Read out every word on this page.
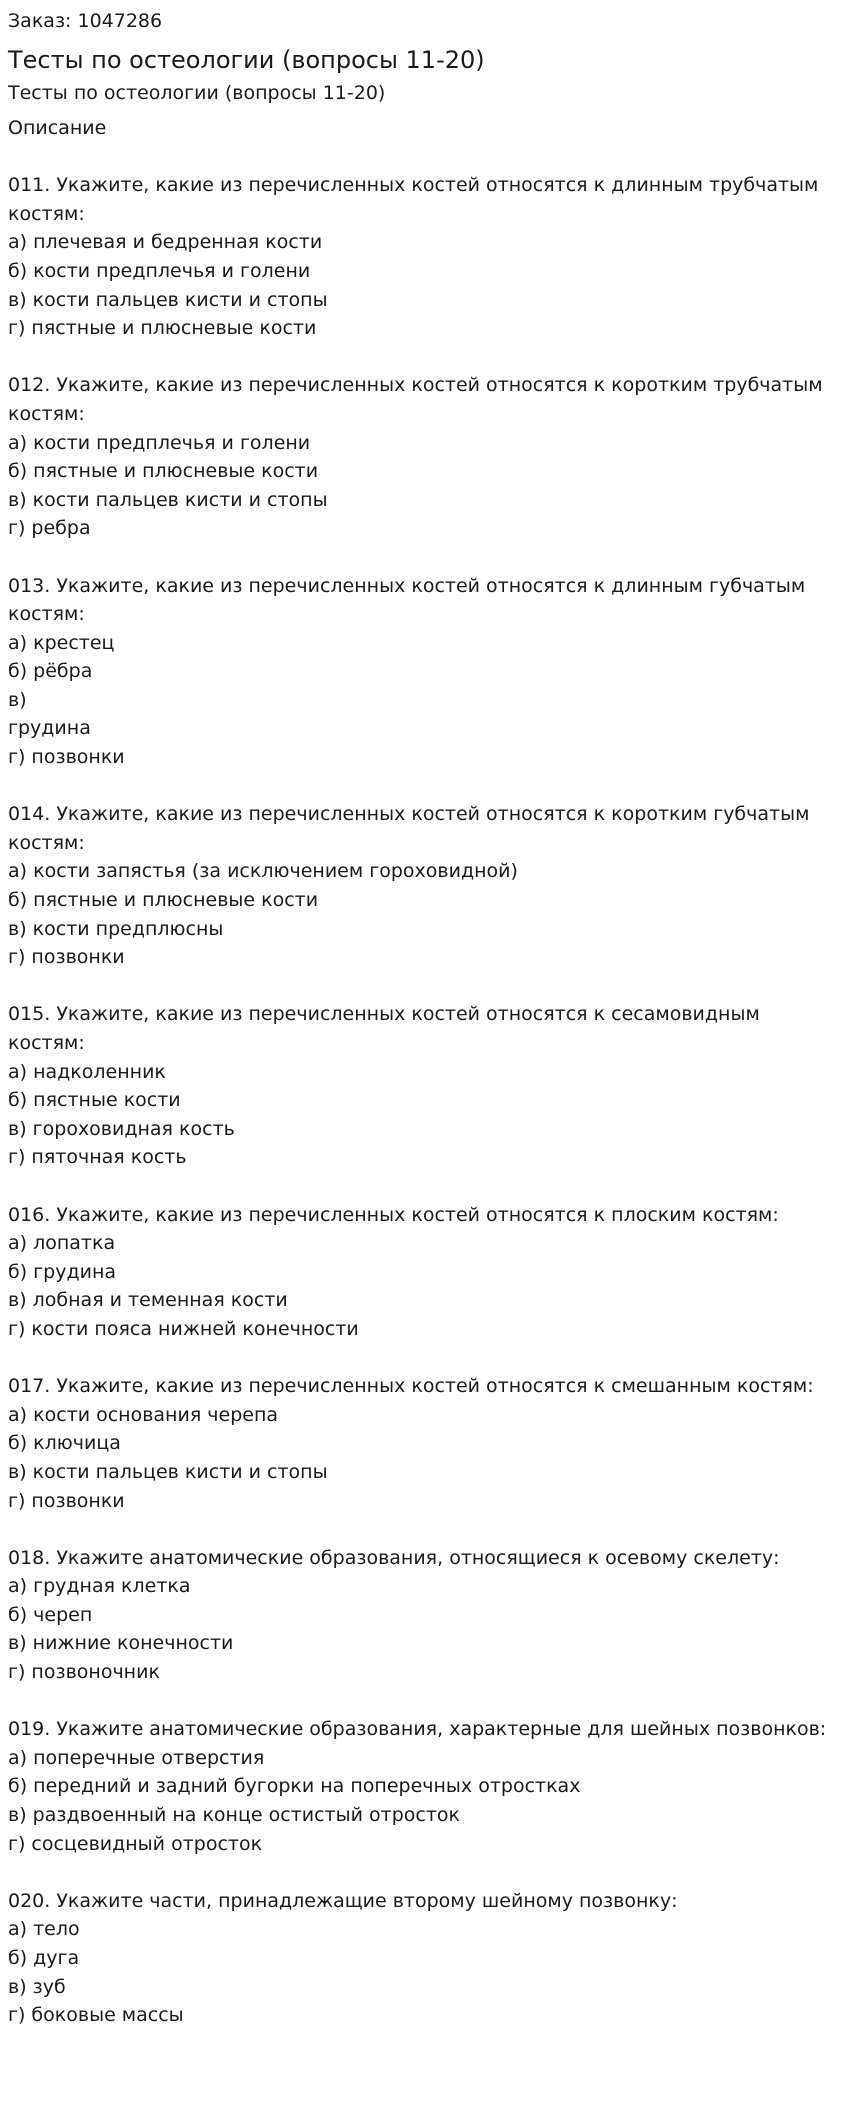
Заказ: 1047286
Тесты по остеологии (вопросы 11-20)
Тесты по остеологии (вопросы 11-20)
Описание
011. Укажите, какие из перечисленных костей относятся к длинным трубчатым костям:
а) плечевая и бедренная кости
б) кости предплечья и голени
в) кости пальцев кисти и стопы
г) пястные и плюсневые кости
012. Укажите, какие из перечисленных костей относятся к коротким трубчатым костям:
а) кости предплечья и голени
б) пястные и плюсневые кости
в) кости пальцев кисти и стопы
г) ребра
013. Укажите, какие из перечисленных костей относятся к длинным губчатым костям:
а) крестец
б) рёбра
в)
грудина
г) позвонки
014. Укажите, какие из перечисленных костей относятся к коротким губчатым костям:
а) кости запястья (за исключением гороховидной)
б) пястные и плюсневые кости
в) кости предплюсны
г) позвонки
015. Укажите, какие из перечисленных костей относятся к сесамовидным костям:
а) надколенник
б) пястные кости
в) гороховидная кость
г) пяточная кость
016. Укажите, какие из перечисленных костей относятся к плоским костям:
а) лопатка
б) грудина
в) лобная и теменная кости
г) кости пояса нижней конечности
017. Укажите, какие из перечисленных костей относятся к смешанным костям:
а) кости основания черепа
б) ключица
в) кости пальцев кисти и стопы
г) позвонки
018. Укажите анатомические образования, относящиеся к осевому скелету:
а) грудная клетка
б) череп
в) нижние конечности
г) позвоночник
019. Укажите анатомические образования, характерные для шейных позвонков:
а) поперечные отверстия
б) передний и задний бугорки на поперечных отростках
в) раздвоенный на конце остистый отросток
г) сосцевидный отросток
020. Укажите части, принадлежащие второму шейному позвонку:
а) тело
б) дуга
в) зуб
г) боковые массы
